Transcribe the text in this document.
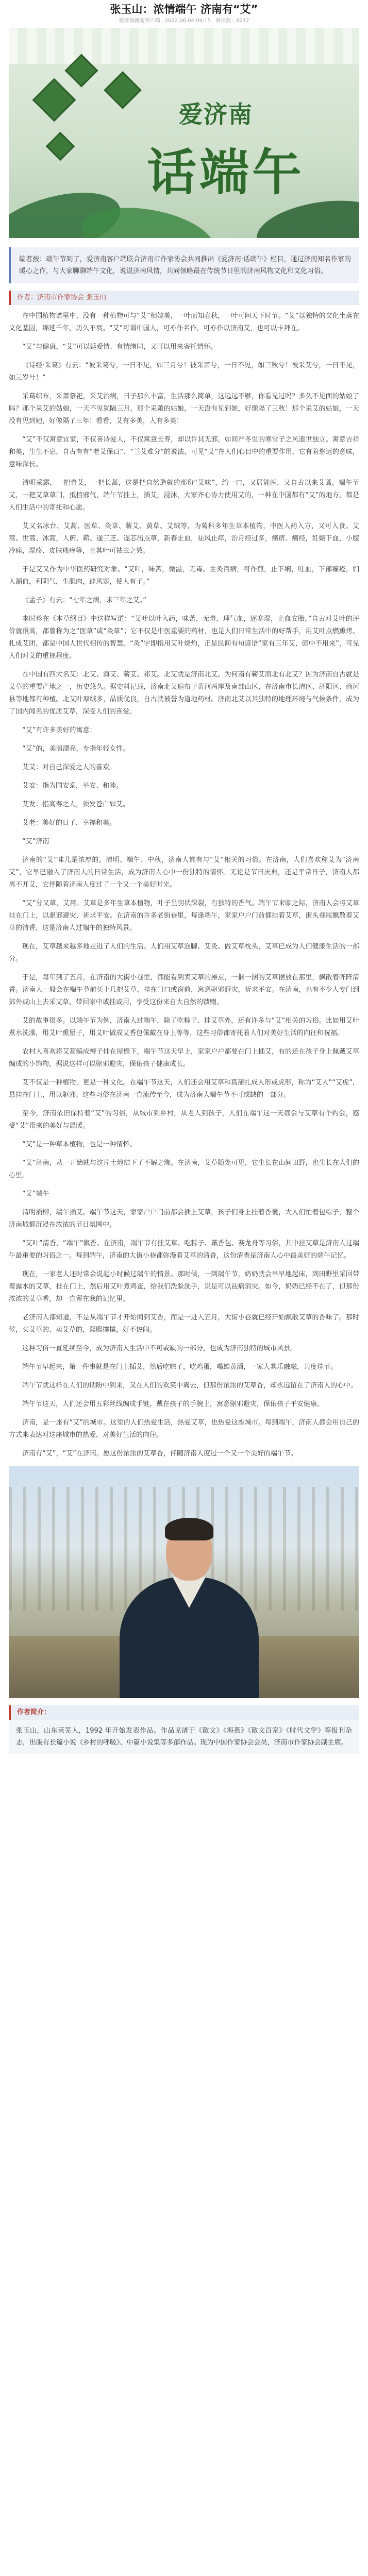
张玉山：浓情端午 济南有“艾”
爱济南新闻客户端 2022.06.04 09:15 阅读数：8217
爱济南
话端午
编者按：端午节到了，爱济南客户端联合济南市作家协会共同推出《爱济南·话端午》栏目，通过济南知名作家的暖心之作，与大家聊聊端午文化，说说济南风情，共同领略最在传统节日里的济南风物文化和文化习俗。
作者：济南市作家协会 张玉山

在中国植物谱里中，没有一种植物可与“艾”相媲美，一叶而知春秋，一叶可问天下时节。“艾”以独特的文化坐落在文化基因，绵延千年，历久不衰。“艾”可谓中国人，可亦作名作，可亦作以济南艾，也可以卡拜在。

“艾”与健康，“艾”可以延爱情、有情绪同，又可以用来寄托情怀。

《诗经·采葛》有云：“彼采葛兮，一日不见，如三月兮！彼采萧兮，一日不见，如三秋兮！彼采艾兮，一日不见，如三岁兮！”

采葛织布，采萧祭祀，采艾治病，日子那么丰富，生活那么简单，这远远不够，你看见过吗？多久不见面的姑娘了吗？那个采艾的姑娘，一天不见犹隔三月，那个采萧的姑娘，一天没有见到她，好像隔了三秋！那个采艾的姑娘，一天没有见到她，好像隔了三年！看看，艾有多美，人有多美！

“艾”不仅寓意宜家，不仅喜诗爱人，不仅寓意长寿，却以许其无邪，如同严冬里的寒雪子之风遗世独立。寓意吉祥和美，生生不息，自古有有“老艾保百”、“兰艾难分”的说法，可见“艾”在人们心目中的重要作用，它有着悠远的意味，意味深长。

清明采露，一把青艾，一把长蒿，这是把自然造就的那份“艾味”，给一口，又居能医，又自古以来艾蒿，端午节艾，一把艾草草门，抵挡邪气，端午节挂上，插艾，浸沐，大家齐心协力使用艾的，一种在中国都有“艾”的地方，都是人们生活中的寄托和心愿。

艾又名冰台、艾蒿、医草、灸草、蕲艾、黄草、艾绒等，为菊科多年生草本植物，中医入药入方，又可入食。艾蒿、世蒿、冰蒿，人蔚、蕲、遂三芝、遂芯出点草，新春止血，祛风止痒，治月经过多，痛痹、痛经，妊娠下血，小腹冷痛，湿疹、皮肤瘙痒等，且其叶可祛虫之效。

于是艾又作为中华医药研究对象。“艾叶，味苦，微温，无毒。主灸百病，可作煎，止下痢，吐血，下部㿗疮，妇人漏血，利阴气，生肌肉，辟风寒，使人有子。”

《孟子》有云：“七年之病，求三年之艾。”

李时珍在《本草纲目》中这样写道：“艾叶以叶入药，味苦，无毒，理气血，逐寒湿，止血安胎。”自古对艾叶的评价就很高，都曾称为之“医草”或“灸草”；它不仅是中医重要的药材，也是人们日常生活中的好帮手，用艾叶点燃熏烤、扎成艾团，都是中国人世代相传的智慧。“灸”字即指用艾叶烧灼，正是民间有句谚语“家有三年艾，郎中不用来”，可见人们对艾的重视程度。

在中国有四大名艾：北艾、海艾、蕲艾、祁艾。北艾就是济南北艾。为何南有蕲艾而北有北艾？因为济南自古就是艾草的重要产地之一，历史悠久。据史料记载，济南北艾遍布于黄河两岸及南部山区，在济南市长清区、济阳区、商河县等地都有种植。北艾叶厚绒多，品质优良，自古就被誉为道地药材。济南北艾以其独特的地理环境与气候条件，成为了国内闻名的优质艾草，深受人们的喜爱。

“艾”有许多美好的寓意：

“艾”的，美丽漂亮，专指年轻女性。

艾艾：对自己深爱之人的喜欢。

艾安：指为国安泰，平安、和睦。

艾发：指高寿之人，须发苍白如艾。

艾老：美好的日子，幸福和美。

“艾”济南

济南的“艾”味儿是浓厚的。清明、端午、中秋，济南人都有与“艾”相关的习俗。在济南，人们喜欢称艾为“济南艾”，它早已融入了济南人的日常生活，成为济南人心中一份独特的情怀。无论是节日庆典，还是平常日子，济南人都离不开艾，它伴随着济南人度过了一个又一个美好时光。

“艾”分又草，艾蒿。艾草是多年生草本植物，叶子呈羽状深裂，有独特的香气。端午节来临之际，济南人会将艾草挂在门上，以驱邪避灾、祈求平安。在济南的许多老街巷里，每逢端午，家家户户门前都挂着艾草，街头巷尾飘散着艾草的清香，这是济南人过端午的独特风景。

现在，艾草越来越多地走进了人们的生活。人们用艾草泡脚、艾灸、做艾草枕头，艾草已成为人们健康生活的一部分。

于是，每年到了五月，在济南的大街小巷里，都能看到卖艾草的摊点，一捆一捆的艾草摆放在那里，飘散着阵阵清香。济南人一般会在端午节前买上几把艾草，挂在门口或窗前，寓意驱邪避灾，祈求平安。在济南，也有不少人专门到郊外或山上去采艾草，带回家中或挂或用，享受这份来自大自然的馈赠。

艾的故事很多。以端午节为例，济南人过端午，除了吃粽子、挂艾草外，还有许多与“艾”相关的习俗。比如用艾叶煮水洗澡，用艾叶熏屋子，用艾叶做成艾香包佩戴在身上等等，这些习俗都寄托着人们对美好生活的向往和祝福。

农村人喜欢将艾蒿编成辫子挂在屋檐下，端午节这天早上，家家户户都要在门上插艾，有的还在孩子身上佩戴艾草编成的小饰物，据说这样可以驱邪避灾，保佑孩子健康成长。

艾不仅是一种植物，更是一种文化。在端午节这天，人们还会用艾草和菖蒲扎成人形或虎形，称为“艾人”“艾虎”，悬挂在门上，用以驱邪。这些习俗在济南一直流传至今，成为济南人端午节不可或缺的一部分。

至今，济南依旧保持着“艾”的习俗，从城市到乡村，从老人到孩子，人们在端午这一天都会与艾草有个约会，感受“艾”带来的美好与温暖。

“艾”是一种草本植物，也是一种情怀。

“艾”济南，从一开始就与这片土地结下了不解之缘。在济南，艾草随处可见，它生长在山间田野，也生长在人们的心里。

“艾”端午

清明插柳，端午插艾。端午节这天，家家户户门前都会插上艾草，孩子们身上挂着香囊，大人们忙着包粽子，整个济南城都沉浸在浓浓的节日氛围中。

“艾叶”清香，“端午”飘香。在济南，端午节有挂艾草、吃粽子、戴香包、赛龙舟等习俗，其中挂艾草是济南人过端午最重要的习俗之一。每到端午，济南的大街小巷都弥漫着艾草的清香，这份清香是济南人心中最美好的端午记忆。

现在，一家老人还时常会说起小时候过端午的情景。那时候，一到端午节，奶奶就会早早地起床，到田野里采回带着露水的艾草，挂在门上，然后用艾叶煮鸡蛋，给我们洗脸洗手，说是可以祛病消灾。如今，奶奶已经不在了，但那份浓浓的艾草香，却一直留在我的记忆里。

老济南人都知道，不是从端午节才开始闻到艾香，而是一进入五月，大街小巷就已经开始飘散艾草的香味了。那时候，买艾草的、卖艾草的，熙熙攘攘，好不热闹。

这种习俗一直延续至今，成为济南人生活中不可或缺的一部分，也成为济南独特的城市风景。

端午节早起来，第一件事就是在门上插艾，然后吃粽子，吃鸡蛋，喝雄黄酒，一家人其乐融融，共度佳节。

端午节就这样在人们的期盼中到来，又在人们的欢笑中离去，但那份浓浓的艾草香，却永远留在了济南人的心中。

端午节这天，人们还会用五彩丝线编成手链，戴在孩子的手腕上，寓意驱邪避灾，保佑孩子平安健康。

济南，是一座有“艾”的城市。这里的人们热爱生活，热爱艾草，也热爱这座城市。每到端午，济南人都会用自己的方式来表达对这座城市的热爱，对美好生活的向往。

济南有“艾”，“艾”在济南。愿这份浓浓的艾草香，伴随济南人度过一个又一个美好的端午节。

作者简介：
张玉山，山东莱芜人，1992 年开始发表作品。作品见诸于《散文》《海燕》《散文百家》《时代文学》等报刊杂志，出版有长篇小说《乡村的呼吸》、中篇小说集等多部作品。现为中国作家协会会员，济南市作家协会副主席。
